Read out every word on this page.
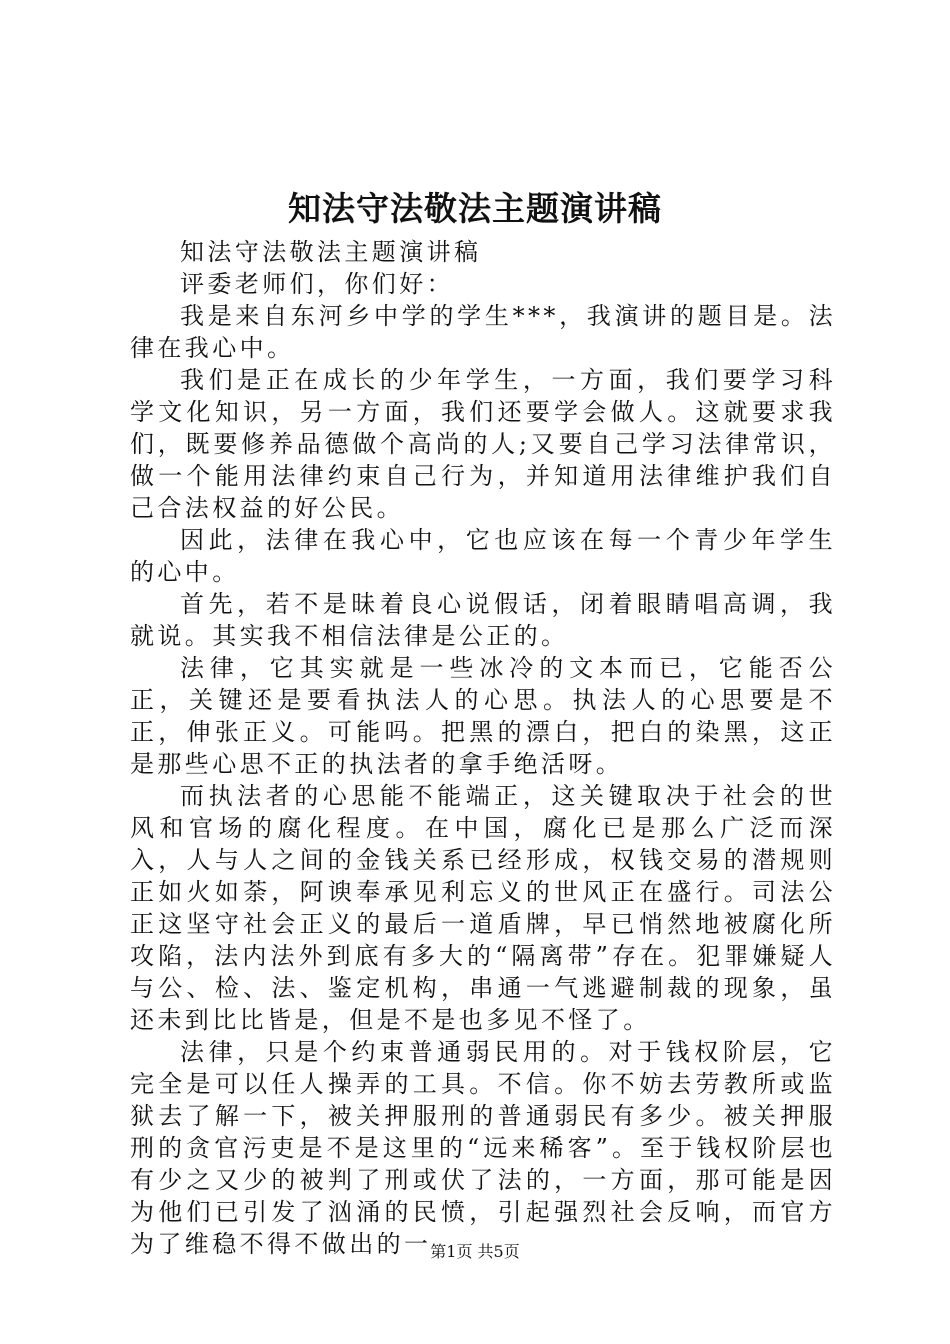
知法守法敬法主题演讲稿

知法守法敬法主题演讲稿

评委老师们，你们好：

我是来自东河乡中学的学生***，我演讲的题目是。法律在我心中。

我们是正在成长的少年学生，一方面，我们要学习科学文化知识，另一方面，我们还要学会做人。这就要求我们，既要修养品德做个高尚的人;又要自己学习法律常识，做一个能用法律约束自己行为，并知道用法律维护我们自己合法权益的好公民。

因此，法律在我心中，它也应该在每一个青少年学生的心中。

首先，若不是昧着良心说假话，闭着眼睛唱高调，我就说。其实我不相信法律是公正的。

法律，它其实就是一些冰冷的文本而已，它能否公正，关键还是要看执法人的心思。执法人的心思要是不正，伸张正义。可能吗。把黑的漂白，把白的染黑，这正是那些心思不正的执法者的拿手绝活呀。

而执法者的心思能不能端正，这关键取决于社会的世风和官场的腐化程度。在中国，腐化已是那么广泛而深入，人与人之间的金钱关系已经形成，权钱交易的潜规则正如火如荼，阿谀奉承见利忘义的世风正在盛行。司法公正这坚守社会正义的最后一道盾牌，早已悄然地被腐化所攻陷，法内法外到底有多大的“隔离带”存在。犯罪嫌疑人与公、检、法、鉴定机构，串通一气逃避制裁的现象，虽还未到比比皆是，但是不是也多见不怪了。

法律，只是个约束普通弱民用的。对于钱权阶层，它完全是可以任人操弄的工具。不信。你不妨去劳教所或监狱去了解一下，被关押服刑的普通弱民有多少。被关押服刑的贪官污吏是不是这里的“远来稀客”。至于钱权阶层也有少之又少的被判了刑或伏了法的，一方面，那可能是因为他们已引发了汹涌的民愤，引起强烈社会反响，而官方为了维稳不得不做出的一

第1页 共5页
